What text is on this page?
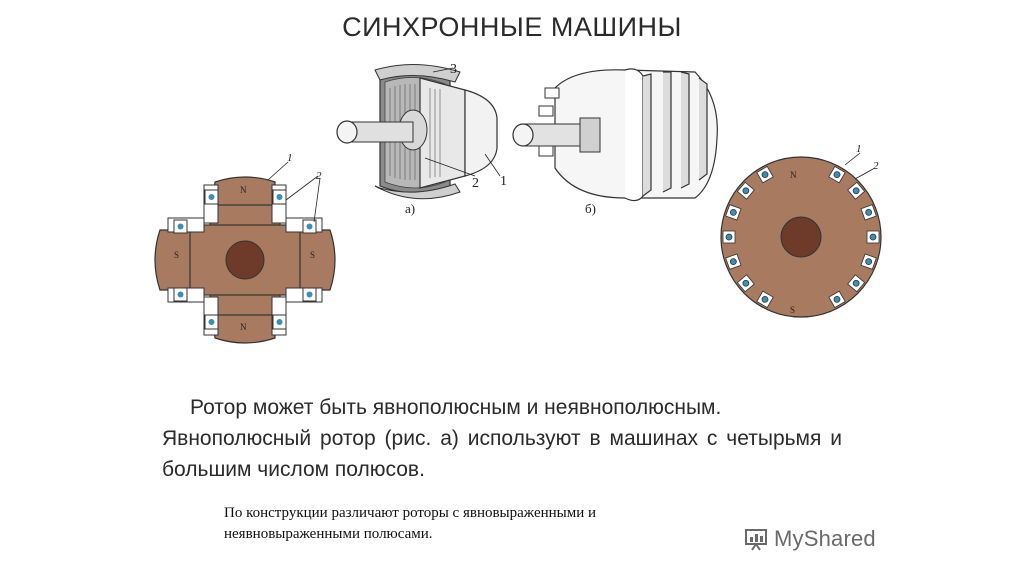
СИНХРОННЫЕ МАШИНЫ
3
2 1
а)	б)
1
2
N
N
S	S
1
2
N
S

Ротор может быть явнополюсным и неявнополюсным.

Явнополюсный ротор (рис. а) используют в машинах с четырьмя и большим числом полюсов.

По конструкции различают роторы с явновыраженными и неявновыраженными полюсами.	MyShared
